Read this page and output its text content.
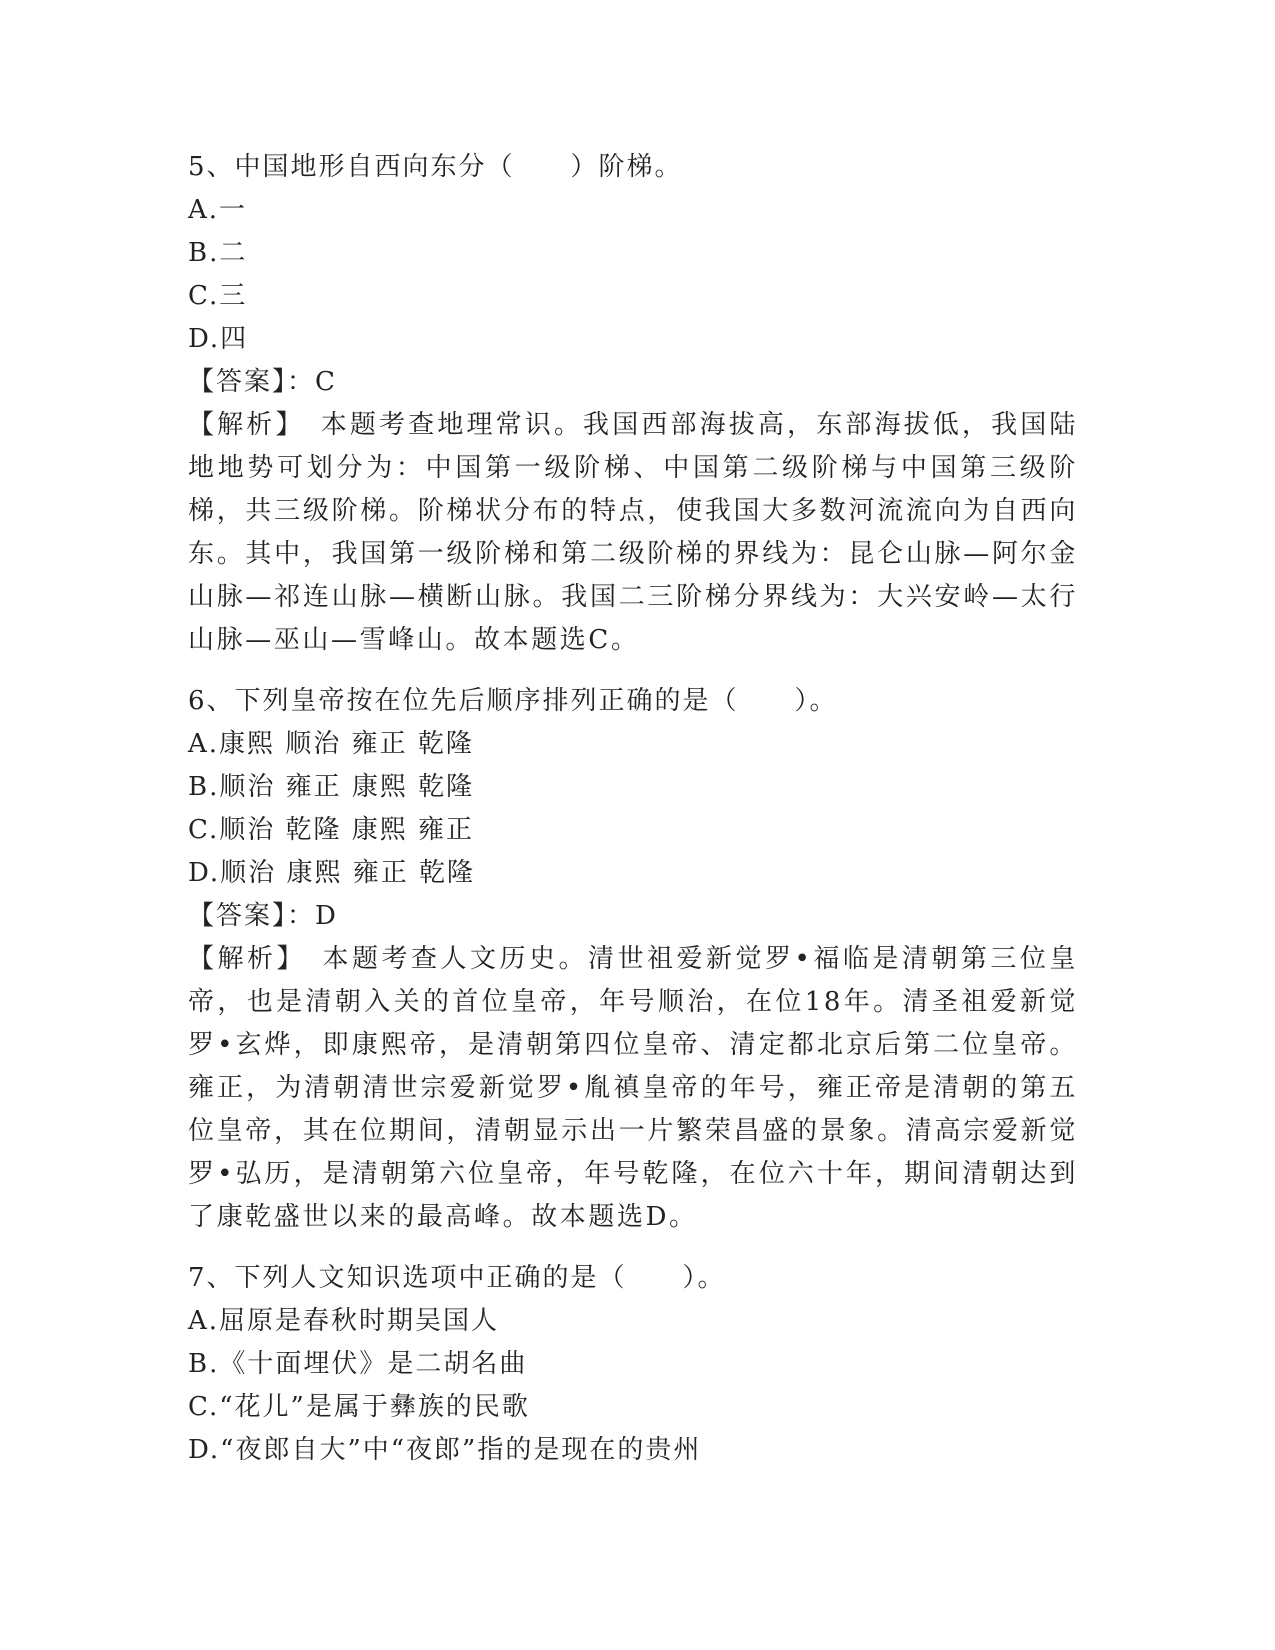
5、中国地形自西向东分（　　）阶梯。
A.一
B.二
C.三
D.四
【答案】：C
【解析】　本题考查地理常识。我国西部海拔高，东部海拔低，我国陆地地势可划分为：中国第一级阶梯、中国第二级阶梯与中国第三级阶梯，共三级阶梯。阶梯状分布的特点，使我国大多数河流流向为自西向东。其中，我国第一级阶梯和第二级阶梯的界线为：昆仑山脉—阿尔金山脉—祁连山脉—横断山脉。我国二三阶梯分界线为：大兴安岭—太行山脉—巫山—雪峰山。故本题选C。
6、下列皇帝按在位先后顺序排列正确的是（　　）。
A.康熙 顺治 雍正 乾隆
B.顺治 雍正 康熙 乾隆
C.顺治 乾隆 康熙 雍正
D.顺治 康熙 雍正 乾隆
【答案】：D
【解析】　本题考查人文历史。清世祖爱新觉罗•福临是清朝第三位皇帝，也是清朝入关的首位皇帝，年号顺治，在位18年。清圣祖爱新觉罗•玄烨，即康熙帝，是清朝第四位皇帝、清定都北京后第二位皇帝。雍正，为清朝清世宗爱新觉罗•胤禛皇帝的年号，雍正帝是清朝的第五位皇帝，其在位期间，清朝显示出一片繁荣昌盛的景象。清高宗爱新觉罗•弘历，是清朝第六位皇帝，年号乾隆，在位六十年，期间清朝达到了康乾盛世以来的最高峰。故本题选D。
7、下列人文知识选项中正确的是（　　）。
A.屈原是春秋时期吴国人
B.《十面埋伏》是二胡名曲
C.“花儿”是属于彝族的民歌
D.“夜郎自大”中“夜郎”指的是现在的贵州
